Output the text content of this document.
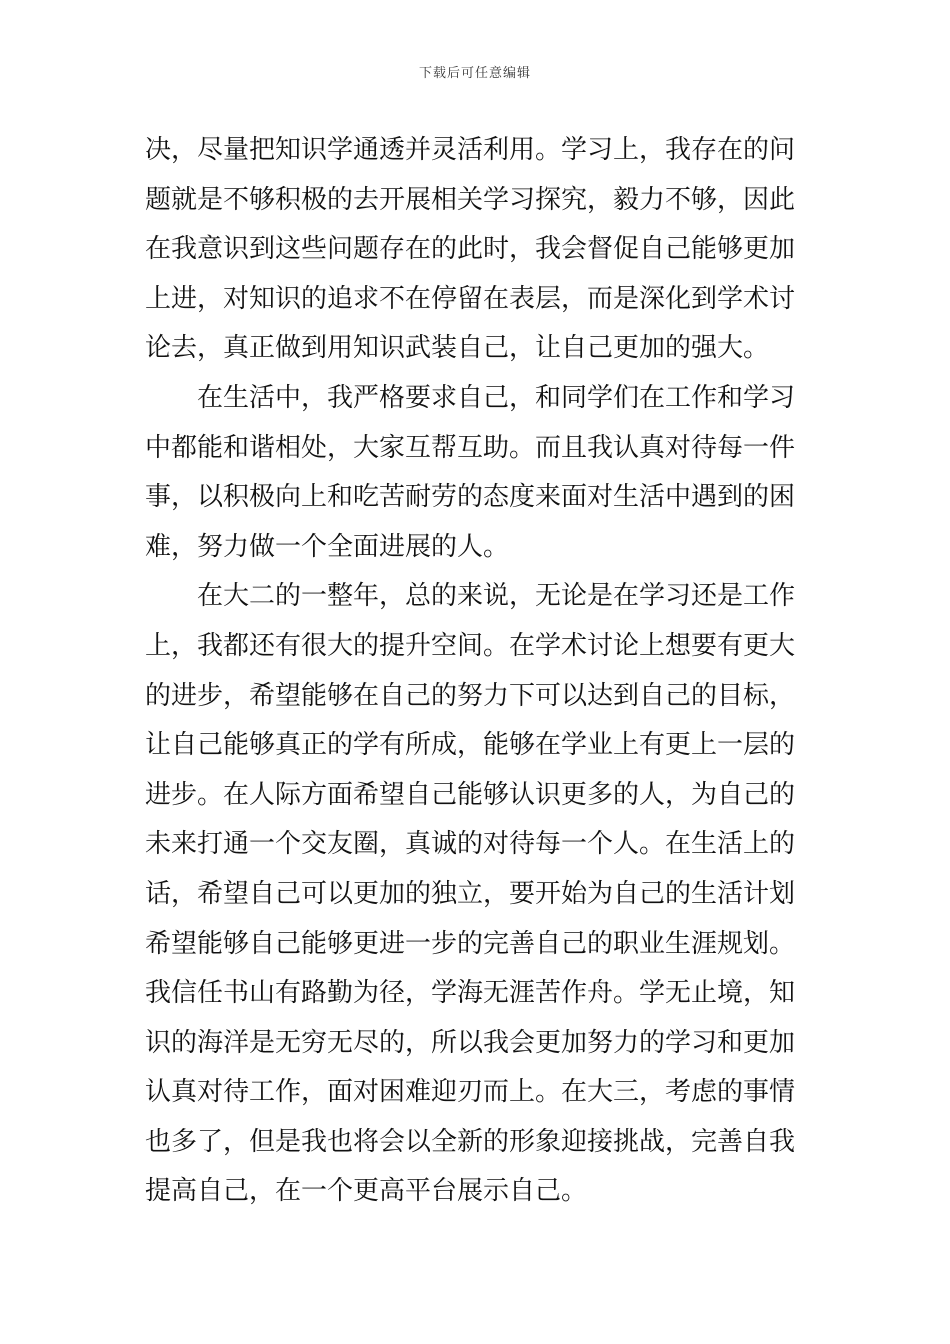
下载后可任意编辑
决，尽量把知识学通透并灵活利用。学习上，我存在的问
题就是不够积极的去开展相关学习探究，毅力不够，因此
在我意识到这些问题存在的此时，我会督促自己能够更加
上进，对知识的追求不在停留在表层，而是深化到学术讨
论去，真正做到用知识武装自己，让自己更加的强大。
在生活中，我严格要求自己，和同学们在工作和学习
中都能和谐相处，大家互帮互助。而且我认真对待每一件
事，以积极向上和吃苦耐劳的态度来面对生活中遇到的困
难，努力做一个全面进展的人。
在大二的一整年，总的来说，无论是在学习还是工作
上，我都还有很大的提升空间。在学术讨论上想要有更大
的进步，希望能够在自己的努力下可以达到自己的目标，
让自己能够真正的学有所成，能够在学业上有更上一层的
进步。在人际方面希望自己能够认识更多的人，为自己的
未来打通一个交友圈，真诚的对待每一个人。在生活上的
话，希望自己可以更加的独立，要开始为自己的生活计划
希望能够自己能够更进一步的完善自己的职业生涯规划。
我信任书山有路勤为径，学海无涯苦作舟。学无止境，知
识的海洋是无穷无尽的，所以我会更加努力的学习和更加
认真对待工作，面对困难迎刃而上。在大三，考虑的事情
也多了，但是我也将会以全新的形象迎接挑战，完善自我
提高自己，在一个更高平台展示自己。
